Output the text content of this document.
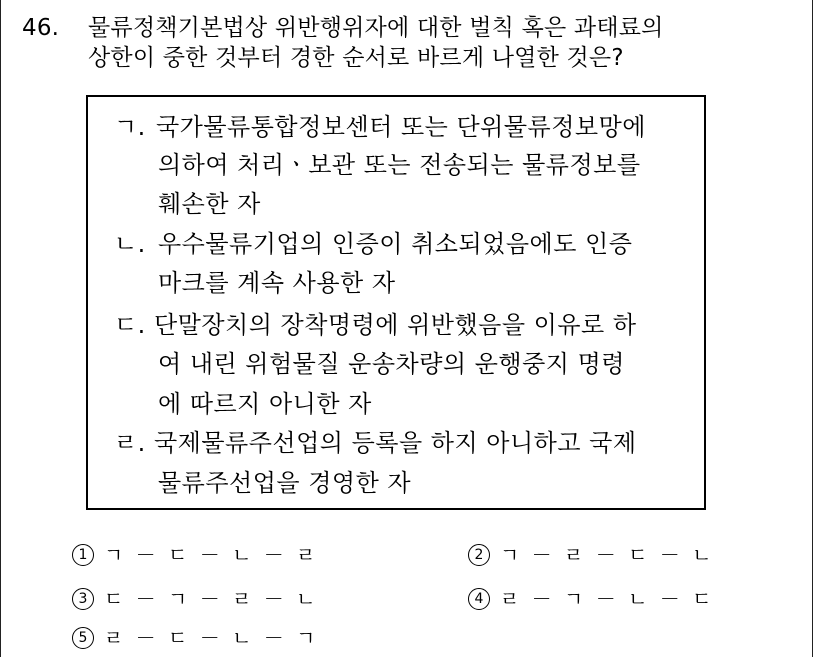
46. 물류정책기본법상 위반행위자에 대한 벌칙 혹은 과태료의
상한이 중한 것부터 경한 순서로 바르게 나열한 것은?
ㄱ. 국가물류통합정보센터 또는 단위물류정보망에
의하여 처리ㆍ보관 또는 전송되는 물류정보를
훼손한 자
ㄴ. 우수물류기업의 인증이 취소되었음에도 인증
마크를 계속 사용한 자
ㄷ. 단말장치의 장착명령에 위반했음을 이유로 하
여 내린 위험물질 운송차량의 운행중지 명령
에 따르지 아니한 자
ㄹ. 국제물류주선업의 등록을 하지 아니하고 국제
물류주선업을 경영한 자
1 ㄱ － ㄷ － ㄴ － ㄹ	2 ㄱ － ㄹ － ㄷ － ㄴ
3 ㄷ － ㄱ － ㄹ － ㄴ	4 ㄹ － ㄱ － ㄴ － ㄷ
5 ㄹ － ㄷ － ㄴ － ㄱ
